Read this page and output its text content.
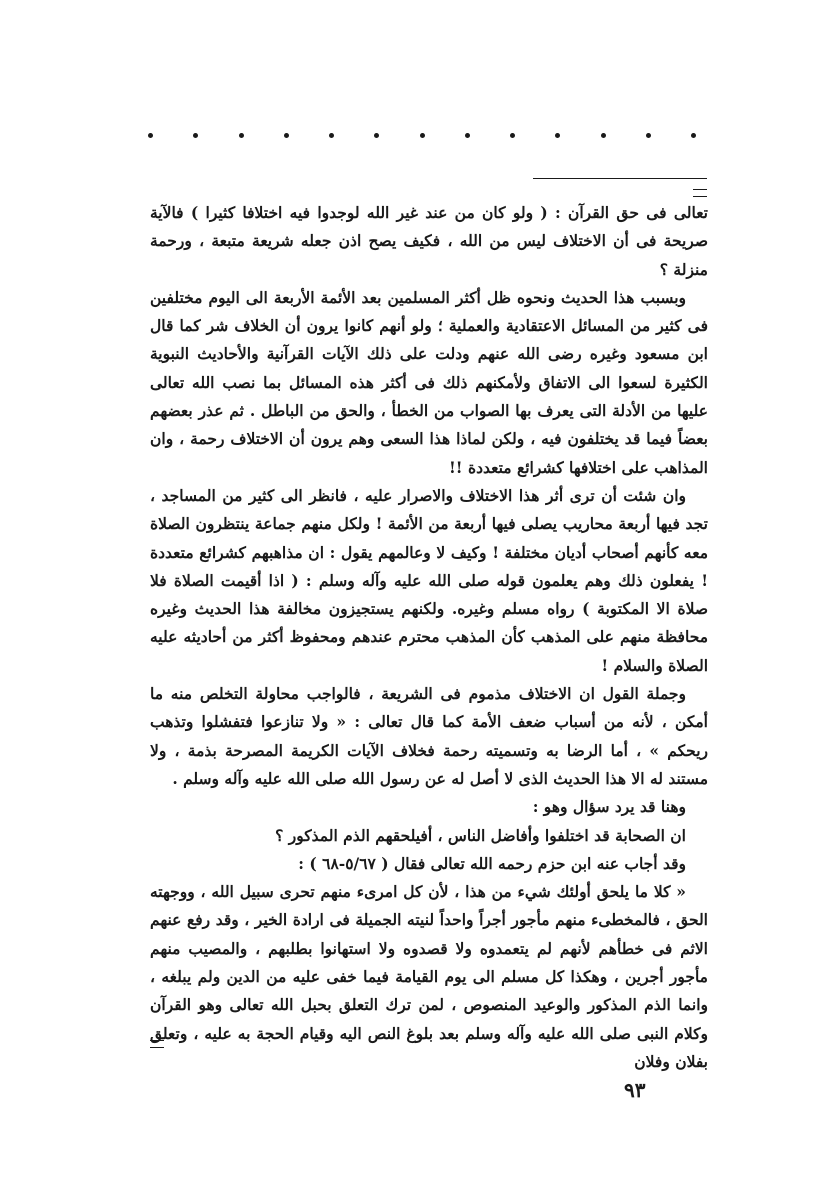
تعالى فى حق القرآن : ( ولو كان من عند غير الله لوجدوا فيه اختلافا كثيرا ) فالآية صريحة فى أن الاختلاف ليس من الله ، فكيف يصح اذن جعله شريعة متبعة ، ورحمة منزلة ؟

وبسبب هذا الحديث ونحوه ظل أكثر المسلمين بعد الأئمة الأربعة الى اليوم مختلفين فى كثير من المسائل الاعتقادية والعملية ؛ ولو أنهم كانوا يرون أن الخلاف شر كما قال ابن مسعود وغيره رضى الله عنهم ودلت على ذلك الآيات القرآنية والأحاديث النبوية الكثيرة لسعوا الى الاتفاق ولأمكنهم ذلك فى أكثر هذه المسائل بما نصب الله تعالى عليها من الأدلة التى يعرف بها الصواب من الخطأ ، والحق من الباطل . ثم عذر بعضهم بعضاً فيما قد يختلفون فيه ، ولكن لماذا هذا السعى وهم يرون أن الاختلاف رحمة ، وان المذاهب على اختلافها كشرائع متعددة !!

وان شئت أن ترى أثر هذا الاختلاف والاصرار عليه ، فانظر الى كثير من المساجد ، تجد فيها أربعة محاريب يصلى فيها أربعة من الأئمة ! ولكل منهم جماعة ينتظرون الصلاة معه كأنهم أصحاب أديان مختلفة ! وكيف لا وعالمهم يقول : ان مذاهبهم كشرائع متعددة ! يفعلون ذلك وهم يعلمون قوله صلى الله عليه وآله وسلم : ( اذا أقيمت الصلاة فلا صلاة الا المكتوبة ) رواه مسلم وغيره. ولكنهم يستجيزون مخالفة هذا الحديث وغيره محافظة منهم على المذهب كأن المذهب محترم عندهم ومحفوظ أكثر من أحاديثه عليه الصلاة والسلام !

وجملة القول ان الاختلاف مذموم فى الشريعة ، فالواجب محاولة التخلص منه ما أمكن ، لأنه من أسباب ضعف الأمة كما قال تعالى : « ولا تنازعوا فتفشلوا وتذهب ريحكم » ، أما الرضا به وتسميته رحمة فخلاف الآيات الكريمة المصرحة بذمة ، ولا مستند له الا هذا الحديث الذى لا أصل له عن رسول الله صلى الله عليه وآله وسلم .

وهنا قد يرد سؤال وهو :

ان الصحابة قد اختلفوا وأفاضل الناس ، أفيلحقهم الذم المذكور ؟

وقد أجاب عنه ابن حزم رحمه الله تعالى فقال ( ٥/٦٧-٦٨ ) :

« كلا ما يلحق أولئك شيء من هذا ، لأن كل امرىء منهم تحرى سبيل الله ، ووجهته الحق ، فالمخطىء منهم مأجور أجراً واحداً لنيته الجميلة فى ارادة الخير ، وقد رفع عنهم الاثم فى خطأهم لأنهم لم يتعمدوه ولا قصدوه ولا استهانوا بطلبهم ، والمصيب منهم مأجور أجرين ، وهكذا كل مسلم الى يوم القيامة فيما خفى عليه من الدين ولم يبلغه ، وانما الذم المذكور والوعيد المنصوص ، لمن ترك التعلق بحبل الله تعالى وهو القرآن وكلام النبى صلى الله عليه وآله وسلم بعد بلوغ النص اليه وقيام الحجة به عليه ، وتعلق بفلان وفلان

٩٣
